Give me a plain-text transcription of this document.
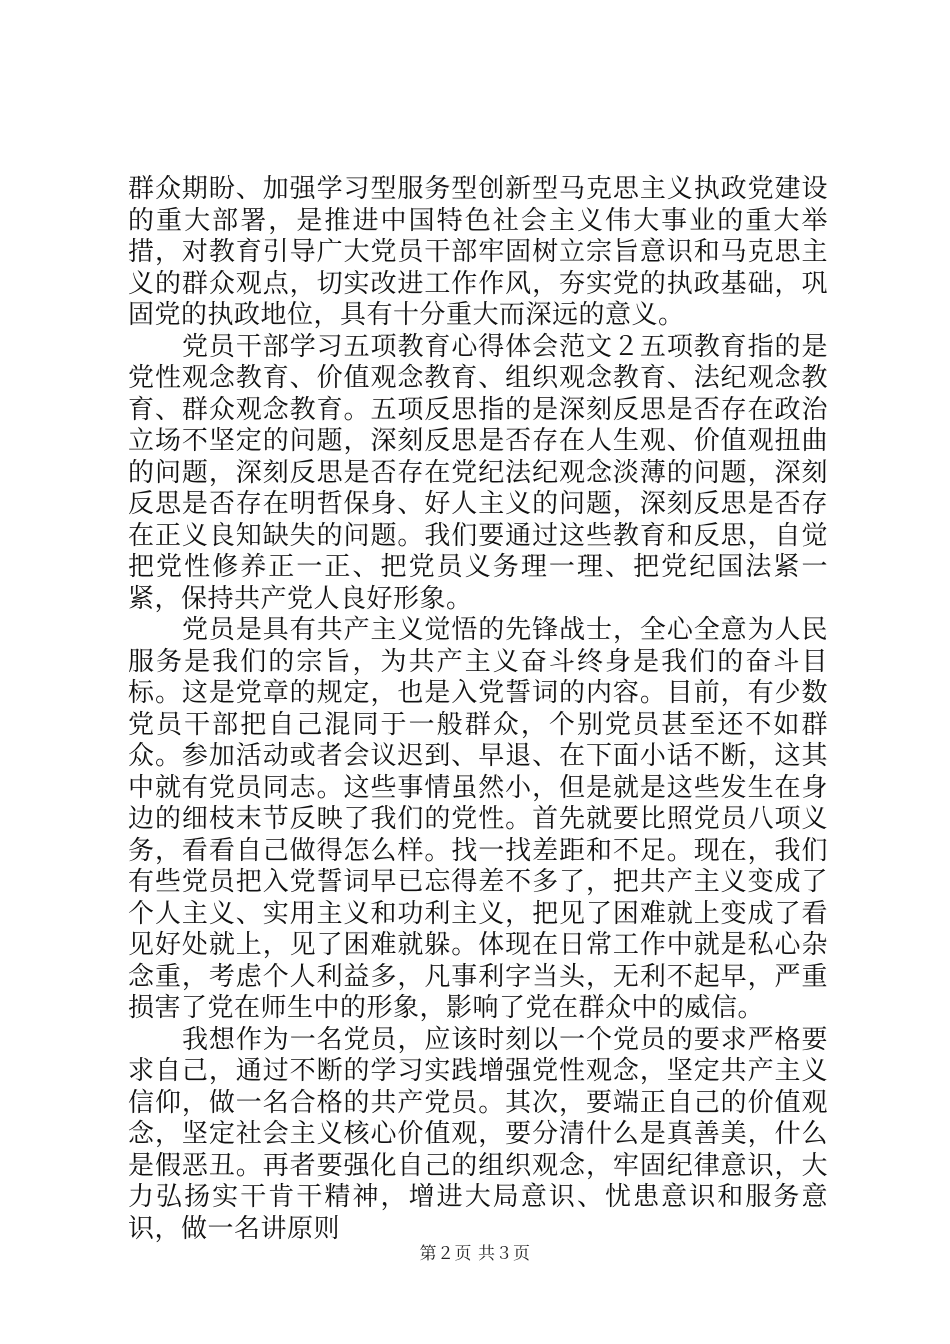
群众期盼、加强学习型服务型创新型马克思主义执政党建设的重大部署，是推进中国特色社会主义伟大事业的重大举措，对教育引导广大党员干部牢固树立宗旨意识和马克思主义的群众观点，切实改进工作作风，夯实党的执政基础，巩固党的执政地位，具有十分重大而深远的意义。

党员干部学习五项教育心得体会范文２五项教育指的是党性观念教育、价值观念教育、组织观念教育、法纪观念教育、群众观念教育。五项反思指的是深刻反思是否存在政治立场不坚定的问题，深刻反思是否存在人生观、价值观扭曲的问题，深刻反思是否存在党纪法纪观念淡薄的问题，深刻反思是否存在明哲保身、好人主义的问题，深刻反思是否存在正义良知缺失的问题。我们要通过这些教育和反思，自觉把党性修养正一正、把党员义务理一理、把党纪国法紧一紧，保持共产党人良好形象。

党员是具有共产主义觉悟的先锋战士，全心全意为人民服务是我们的宗旨，为共产主义奋斗终身是我们的奋斗目标。这是党章的规定，也是入党誓词的内容。目前，有少数党员干部把自己混同于一般群众，个别党员甚至还不如群众。参加活动或者会议迟到、早退、在下面小话不断，这其中就有党员同志。这些事情虽然小，但是就是这些发生在身边的细枝末节反映了我们的党性。首先就要比照党员八项义务，看看自己做得怎么样。找一找差距和不足。现在，我们有些党员把入党誓词早已忘得差不多了，把共产主义变成了个人主义、实用主义和功利主义，把见了困难就上变成了看见好处就上，见了困难就躲。体现在日常工作中就是私心杂念重，考虑个人利益多，凡事利字当头，无利不起早，严重损害了党在师生中的形象，影响了党在群众中的威信。

我想作为一名党员，应该时刻以一个党员的要求严格要求自己，通过不断的学习实践增强党性观念，坚定共产主义信仰，做一名合格的共产党员。其次，要端正自己的价值观念，坚定社会主义核心价值观，要分清什么是真善美，什么是假恶丑。再者要强化自己的组织观念，牢固纪律意识，大力弘扬实干肯干精神，增进大局意识、忧患意识和服务意识，做一名讲原则

第２页 共３页
